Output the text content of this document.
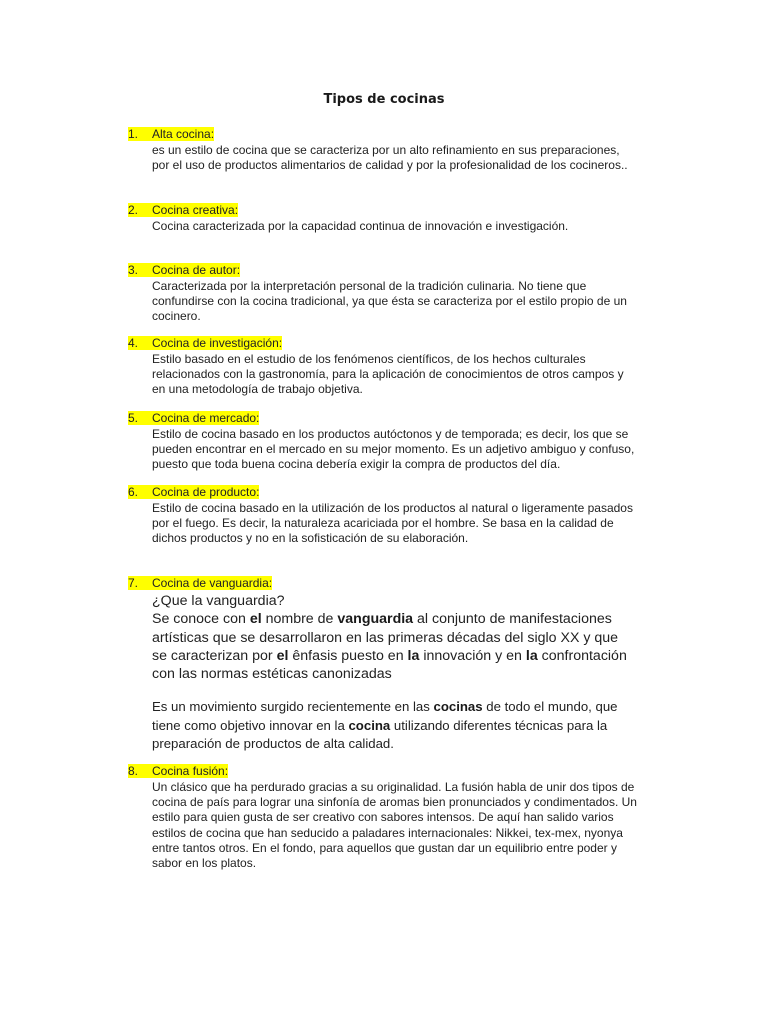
Tipos de cocinas
1. Alta cocina:
es un estilo de cocina que se caracteriza por un alto refinamiento en sus preparaciones,
por el uso de productos alimentarios de calidad y por la profesionalidad de los cocineros..
2. Cocina creativa:
Cocina caracterizada por la capacidad continua de innovación e investigación.
3. Cocina de autor:
Caracterizada por la interpretación personal de la tradición culinaria. No tiene que
confundirse con la cocina tradicional, ya que ésta se caracteriza por el estilo propio de un
cocinero.
4. Cocina de investigación:
Estilo basado en el estudio de los fenómenos científicos, de los hechos culturales
relacionados con la gastronomía, para la aplicación de conocimientos de otros campos y
en una metodología de trabajo objetiva.
5. Cocina de mercado:
Estilo de cocina basado en los productos autóctonos y de temporada; es decir, los que se
pueden encontrar en el mercado en su mejor momento. Es un adjetivo ambiguo y confuso,
puesto que toda buena cocina debería exigir la compra de productos del día.
6. Cocina de producto:
Estilo de cocina basado en la utilización de los productos al natural o ligeramente pasados
por el fuego. Es decir, la naturaleza acariciada por el hombre. Se basa en la calidad de
dichos productos y no en la sofisticación de su elaboración.
7. Cocina de vanguardia:
¿Que la vanguardia?
Se conoce con el nombre de vanguardia al conjunto de manifestaciones
artísticas que se desarrollaron en las primeras décadas del siglo XX y que
se caracterizan por el ênfasis puesto en la innovación y en la confrontación
con las normas estéticas canonizadas
Es un movimiento surgido recientemente en las cocinas de todo el mundo, que
tiene como objetivo innovar en la cocina utilizando diferentes técnicas para la
preparación de productos de alta calidad.
8. Cocina fusión:
Un clásico que ha perdurado gracias a su originalidad. La fusión habla de unir dos tipos de
cocina de país para lograr una sinfonía de aromas bien pronunciados y condimentados. Un
estilo para quien gusta de ser creativo con sabores intensos. De aquí han salido varios
estilos de cocina que han seducido a paladares internacionales: Nikkei, tex-mex, nyonya
entre tantos otros. En el fondo, para aquellos que gustan dar un equilibrio entre poder y
sabor en los platos.
